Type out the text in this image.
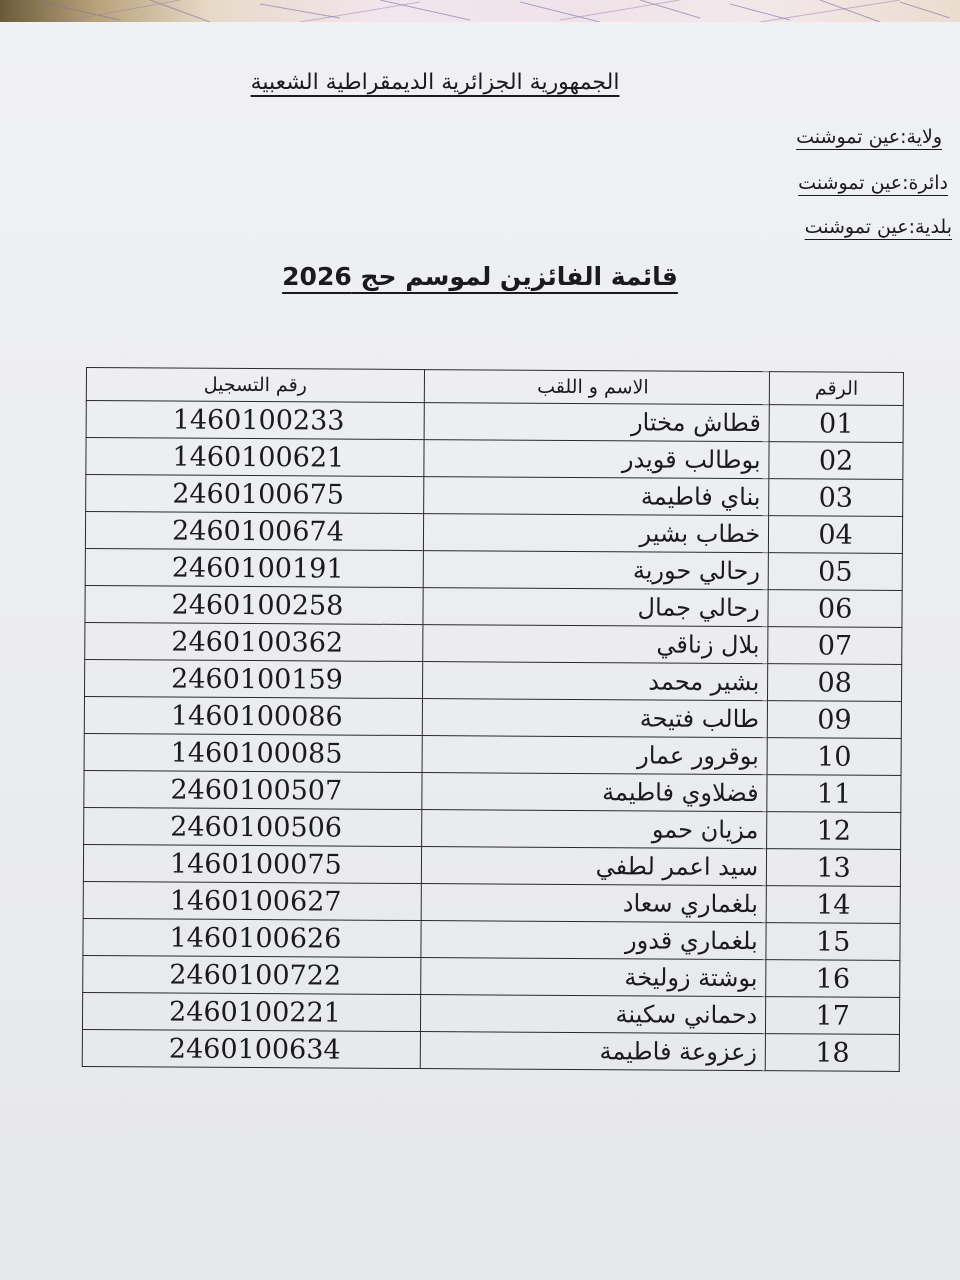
الجمهورية الجزائرية الديمقراطية الشعبية
ولاية:عين تموشنت
دائرة:عين تموشنت
بلدية:عين تموشنت
قائمة الفائزين لموسم حج 2026
الرقم	الاسم و اللقب	رقم التسجيل
01	قطاش مختار	1460100233
02	بوطالب قويدر	1460100621
03	بناي فاطيمة	2460100675
04	خطاب بشير	2460100674
05	رحالي حورية	2460100191
06	رحالي جمال	2460100258
07	بلال زناقي	2460100362
08	بشير محمد	2460100159
09	طالب فتيحة	1460100086
10	بوقرور عمار	1460100085
11	فضلاوي فاطيمة	2460100507
12	مزيان حمو	2460100506
13	سيد اعمر لطفي	1460100075
14	بلغماري سعاد	1460100627
15	بلغماري قدور	1460100626
16	بوشتة زوليخة	2460100722
17	دحماني سكينة	2460100221
18	زعزوعة فاطيمة	2460100634
